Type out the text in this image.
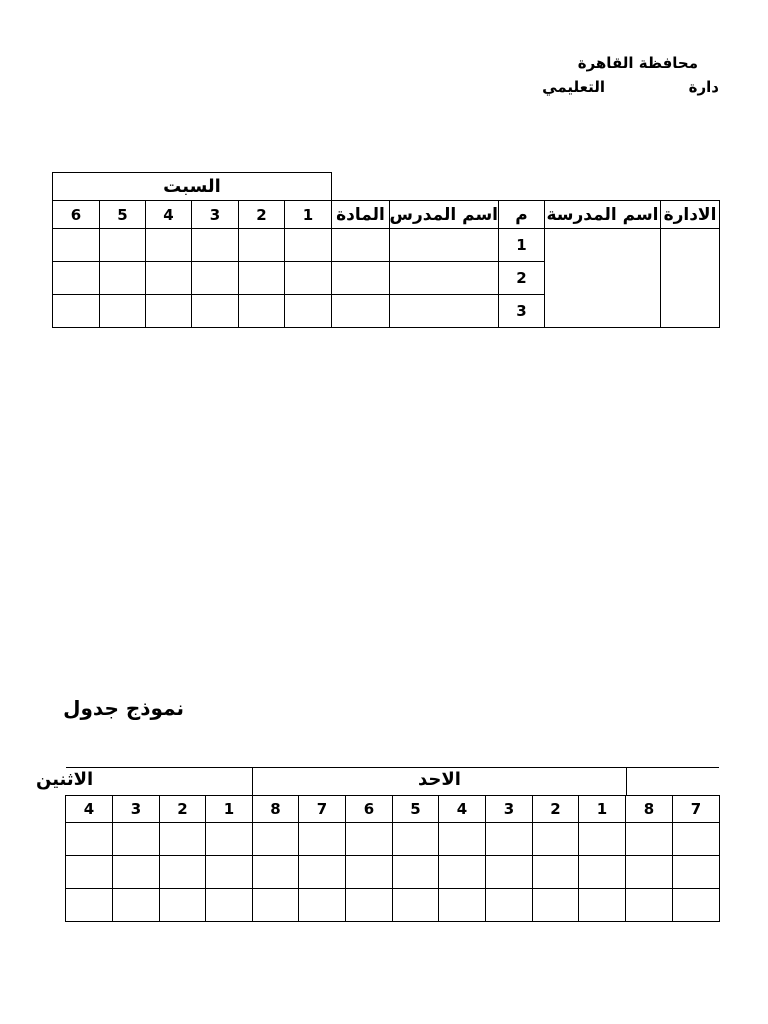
محافظة القاهرة
دارة
التعليمي
السبت
6	5	4	3	2	1	المادة	اسم المدرس	م	اسم المدرسة	الادارة
								1		
								2		
								3		
نموذج جدول
الاثنين	الاحد
4	3	2	1	8	7	6	5	4	3	2	1	8	7
